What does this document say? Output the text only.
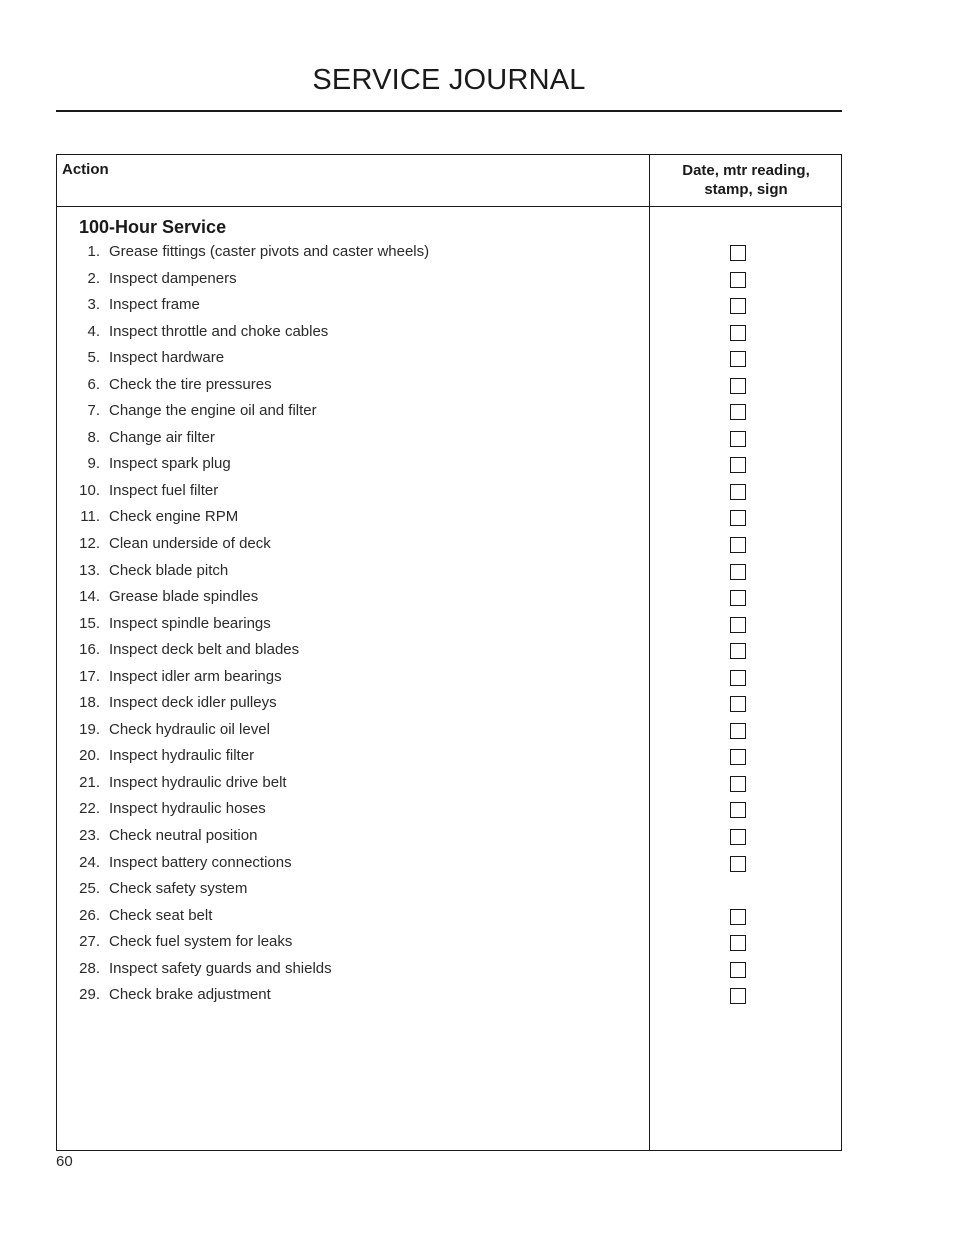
SERVICE JOURNAL
Action	Date, mtr reading,
stamp, sign
100-Hour Service
1. Grease fittings (caster pivots and caster wheels)
2. Inspect dampeners
3. Inspect frame
4. Inspect throttle and choke cables
5. Inspect hardware
6. Check the tire pressures
7. Change the engine oil and filter
8. Change air filter
9. Inspect spark plug
10. Inspect fuel filter
11. Check engine RPM
12. Clean underside of deck
13. Check blade pitch
14. Grease blade spindles
15. Inspect spindle bearings
16. Inspect deck belt and blades
17. Inspect idler arm bearings
18. Inspect deck idler pulleys
19. Check hydraulic oil level
20. Inspect hydraulic filter
21. Inspect hydraulic drive belt
22. Inspect hydraulic hoses
23. Check neutral position
24. Inspect battery connections
25. Check safety system
26. Check seat belt
27. Check fuel system for leaks
28. Inspect safety guards and shields
29. Check brake adjustment
60
